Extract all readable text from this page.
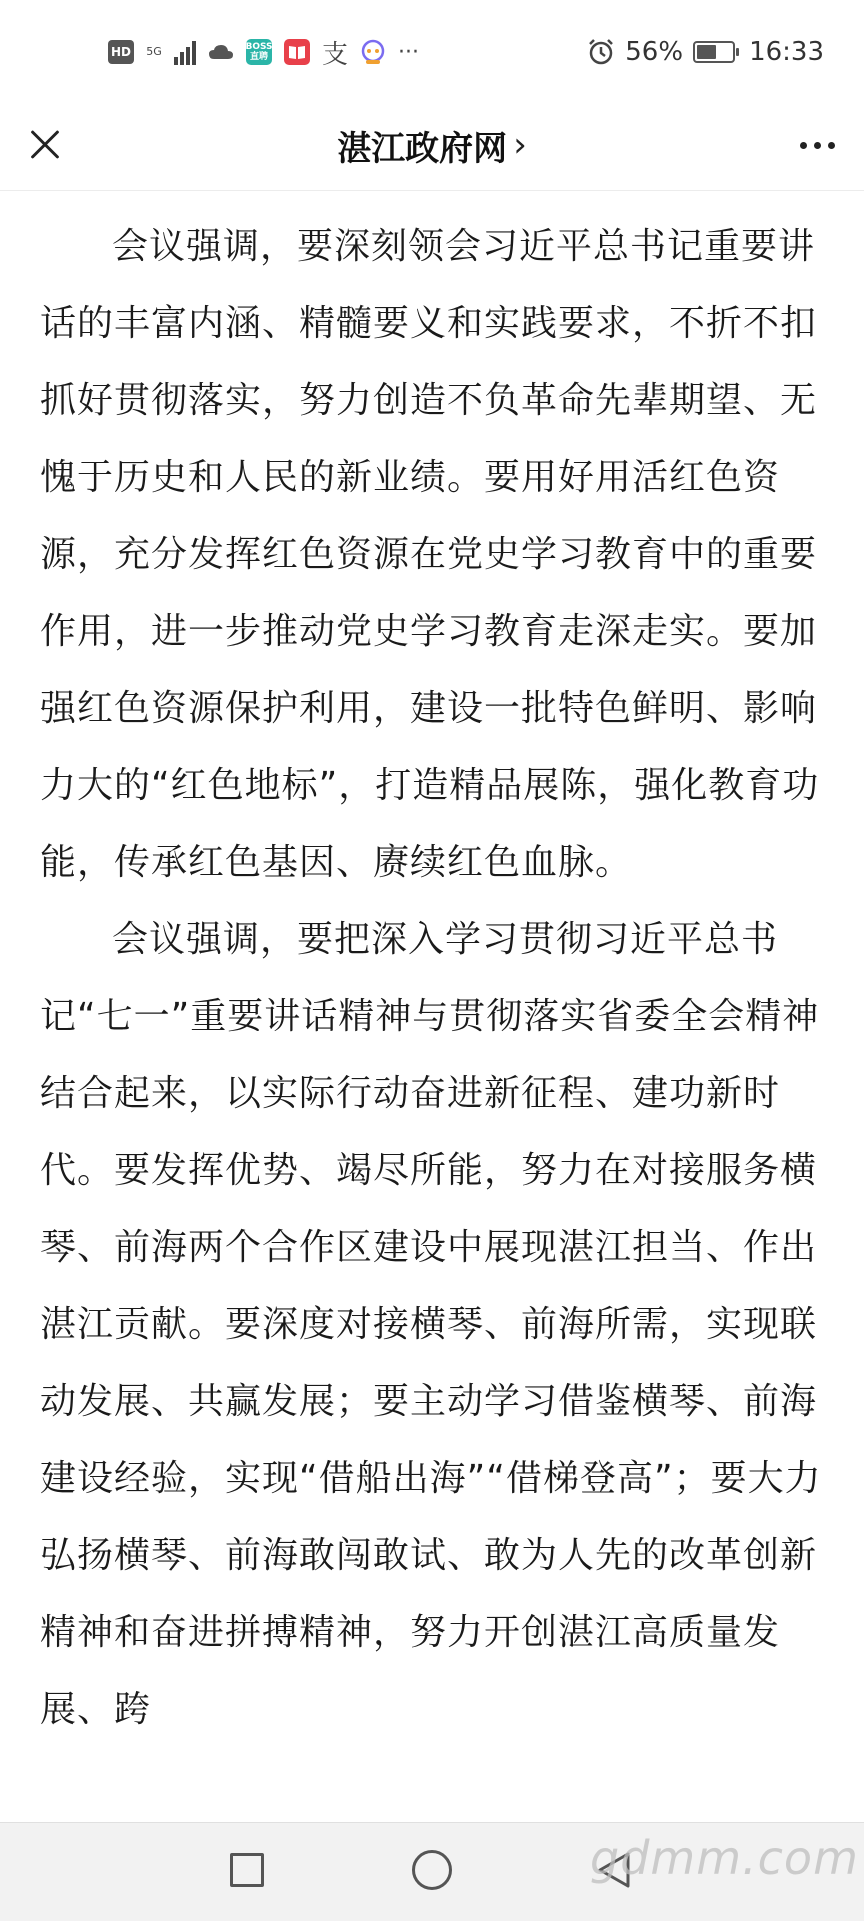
HD 5G	BOSS
直聘 支 ···	56%	16:33
湛江政府网 ›

会议强调，要深刻领会习近平总书记重要讲话的丰富内涵、精髓要义和实践要求，不折不扣抓好贯彻落实，努力创造不负革命先辈期望、无愧于历史和人民的新业绩。要用好用活红色资源，充分发挥红色资源在党史学习教育中的重要作用，进一步推动党史学习教育走深走实。要加强红色资源保护利用，建设一批特色鲜明、影响力大的“红色地标”，打造精品展陈，强化教育功能，传承红色基因、赓续红色血脉。

会议强调，要把深入学习贯彻习近平总书记“七一”重要讲话精神与贯彻落实省委全会精神结合起来，以实际行动奋进新征程、建功新时代。要发挥优势、竭尽所能，努力在对接服务横琴、前海两个合作区建设中展现湛江担当、作出湛江贡献。要深度对接横琴、前海所需，实现联动发展、共赢发展；要主动学习借鉴横琴、前海建设经验，实现“借船出海”“借梯登高”；要大力弘扬横琴、前海敢闯敢试、敢为人先的改革创新精神和奋进拼搏精神，努力开创湛江高质量发展、跨

gdmm.com
